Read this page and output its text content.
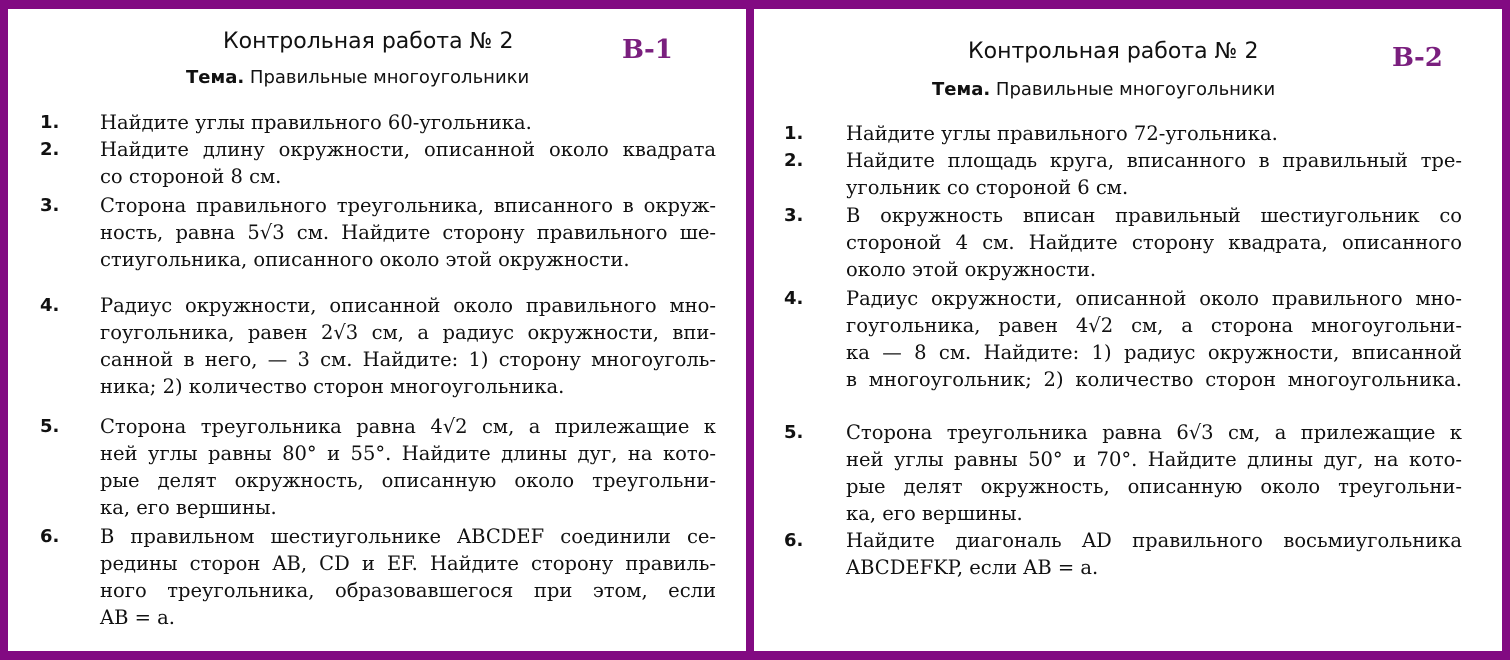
Контрольная работа № 2	В-1
Тема. Правильные многоугольники
1. Найдите углы правильного 60-угольника.
2. Найдите длину окружности, описанной около квадрата
со стороной 8 см.
3. Сторона правильного треугольника, вписанного в окруж-
ность, равна 5√3 см. Найдите сторону правильного ше-
стиугольника, описанного около этой окружности.
4. Радиус окружности, описанной около правильного мно-
гоугольника, равен 2√3 см, а радиус окружности, впи-
санной в него, — 3 см. Найдите: 1) сторону многоуголь-
ника; 2) количество сторон многоугольника.
5. Сторона треугольника равна 4√2 см, а прилежащие к
ней углы равны 80° и 55°. Найдите длины дуг, на кото-
рые делят окружность, описанную около треугольни-
ка, его вершины.
6. В правильном шестиугольнике ABCDEF соединили се-
редины сторон AB, CD и EF. Найдите сторону правиль-
ного треугольника, образовавшегося при этом, если
AB = a.
Контрольная работа № 2	В-2
Тема. Правильные многоугольники
1. Найдите углы правильного 72-угольника.
2. Найдите площадь круга, вписанного в правильный тре-
угольник со стороной 6 см.
3. В окружность вписан правильный шестиугольник со
стороной 4 см. Найдите сторону квадрата, описанного
около этой окружности.
4. Радиус окружности, описанной около правильного мно-
гоугольника, равен 4√2 см, а сторона многоугольни-
ка — 8 см. Найдите: 1) радиус окружности, вписанной
в многоугольник; 2) количество сторон многоугольника.
5. Сторона треугольника равна 6√3 см, а прилежащие к
ней углы равны 50° и 70°. Найдите длины дуг, на кото-
рые делят окружность, описанную около треугольни-
ка, его вершины.
6. Найдите диагональ AD правильного восьмиугольника
ABCDEFKP, если AB = a.
